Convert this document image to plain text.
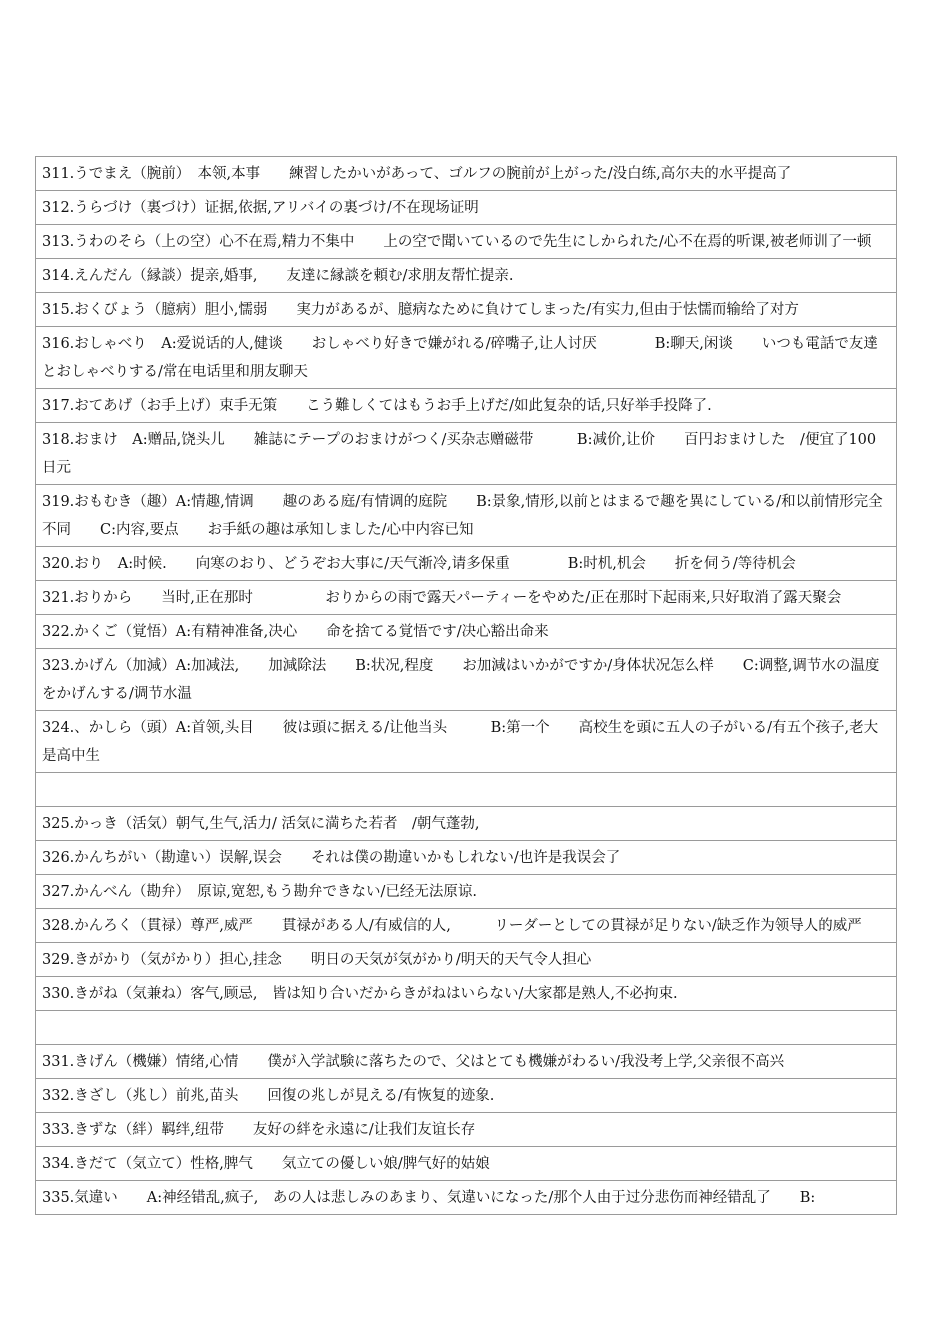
311.うでまえ（腕前）　本领,本事　　練習したかいがあって、ゴルフの腕前が上がった/没白练,高尔夫的水平提高了
312.うらづけ（裏づけ）证据,依据,アリバイの裏づけ/不在现场证明
313.うわのそら（上の空）心不在焉,精力不集中　　上の空で聞いているので先生にしかられた/心不在焉的听课,被老师训了一顿
314.えんだん（縁談）提亲,婚事,　　友達に縁談を頼む/求朋友帮忙提亲.
315.おくびょう（臆病）胆小,懦弱　　実力があるが、臆病なために負けてしまった/有实力,但由于怯懦而输给了对方
316.おしゃべり　A:爱说话的人,健谈　　おしゃべり好きで嫌がれる/碎嘴子,让人讨厌　　　　B:聊天,闲谈　　いつも電話で友達とおしゃべりする/常在电话里和朋友聊天
317.おてあげ（お手上げ）束手无策　　こう難しくてはもうお手上げだ/如此复杂的话,只好举手投降了.
318.おまけ　A:赠品,饶头儿　　雑誌にテープのおまけがつく/买杂志赠磁带　　　B:减价,让价　　百円おまけした　/便宜了100日元
319.おもむき（趣）A:情趣,情调　　趣のある庭/有情调的庭院　　B:景象,情形,以前とはまるで趣を異にしている/和以前情形完全不同　　C:内容,要点　　お手紙の趣は承知しました/心中内容已知
320.おり　A:时候.　　向寒のおり、どうぞお大事に/天气渐冷,请多保重　　　　B:时机,机会　　折を伺う/等待机会
321.おりから　　当时,正在那时　　　　　おりからの雨で露天パーティーをやめた/正在那时下起雨来,只好取消了露天聚会
322.かくご（覚悟）A:有精神准备,决心　　命を捨てる覚悟です/决心豁出命来
323.かげん（加減）A:加减法,　　加減除法　　B:状况,程度　　お加減はいかがですか/身体状况怎么样　　C:调整,调节水の温度をかげんする/调节水温
324.、かしら（頭）A:首领,头目　　彼は頭に据える/让他当头　　　B:第一个　　高校生を頭に五人の子がいる/有五个孩子,老大是高中生

325.かっき（活気）朝气,生气,活力/ 活気に満ちた若者　/朝气蓬勃,
326.かんちがい（勘違い）误解,误会　　それは僕の勘違いかもしれない/也许是我误会了
327.かんべん（勘弁）　原谅,宽恕,もう勘弁できない/已经无法原谅.
328.かんろく（貫禄）尊严,威严　　貫禄がある人/有威信的人,　　　リーダーとしての貫禄が足りない/缺乏作为领导人的威严
329.きがかり（気がかり）担心,挂念　　明日の天気が気がかり/明天的天气令人担心
330.きがね（気兼ね）客气,顾忌,　皆は知り合いだからきがねはいらない/大家都是熟人,不必拘束.

331.きげん（機嫌）情绪,心情　　僕が入学試験に落ちたので、父はとても機嫌がわるい/我没考上学,父亲很不高兴
332.きざし（兆し）前兆,苗头　　回復の兆しが見える/有恢复的迹象.
333.きずな（絆）羁绊,纽带　　友好の絆を永遠に/让我们友谊长存
334.きだて（気立て）性格,脾气　　気立ての優しい娘/脾气好的姑娘
335.気違い　　A:神经错乱,疯子,　あの人は悲しみのあまり、気違いになった/那个人由于过分悲伤而神经错乱了　　B:
